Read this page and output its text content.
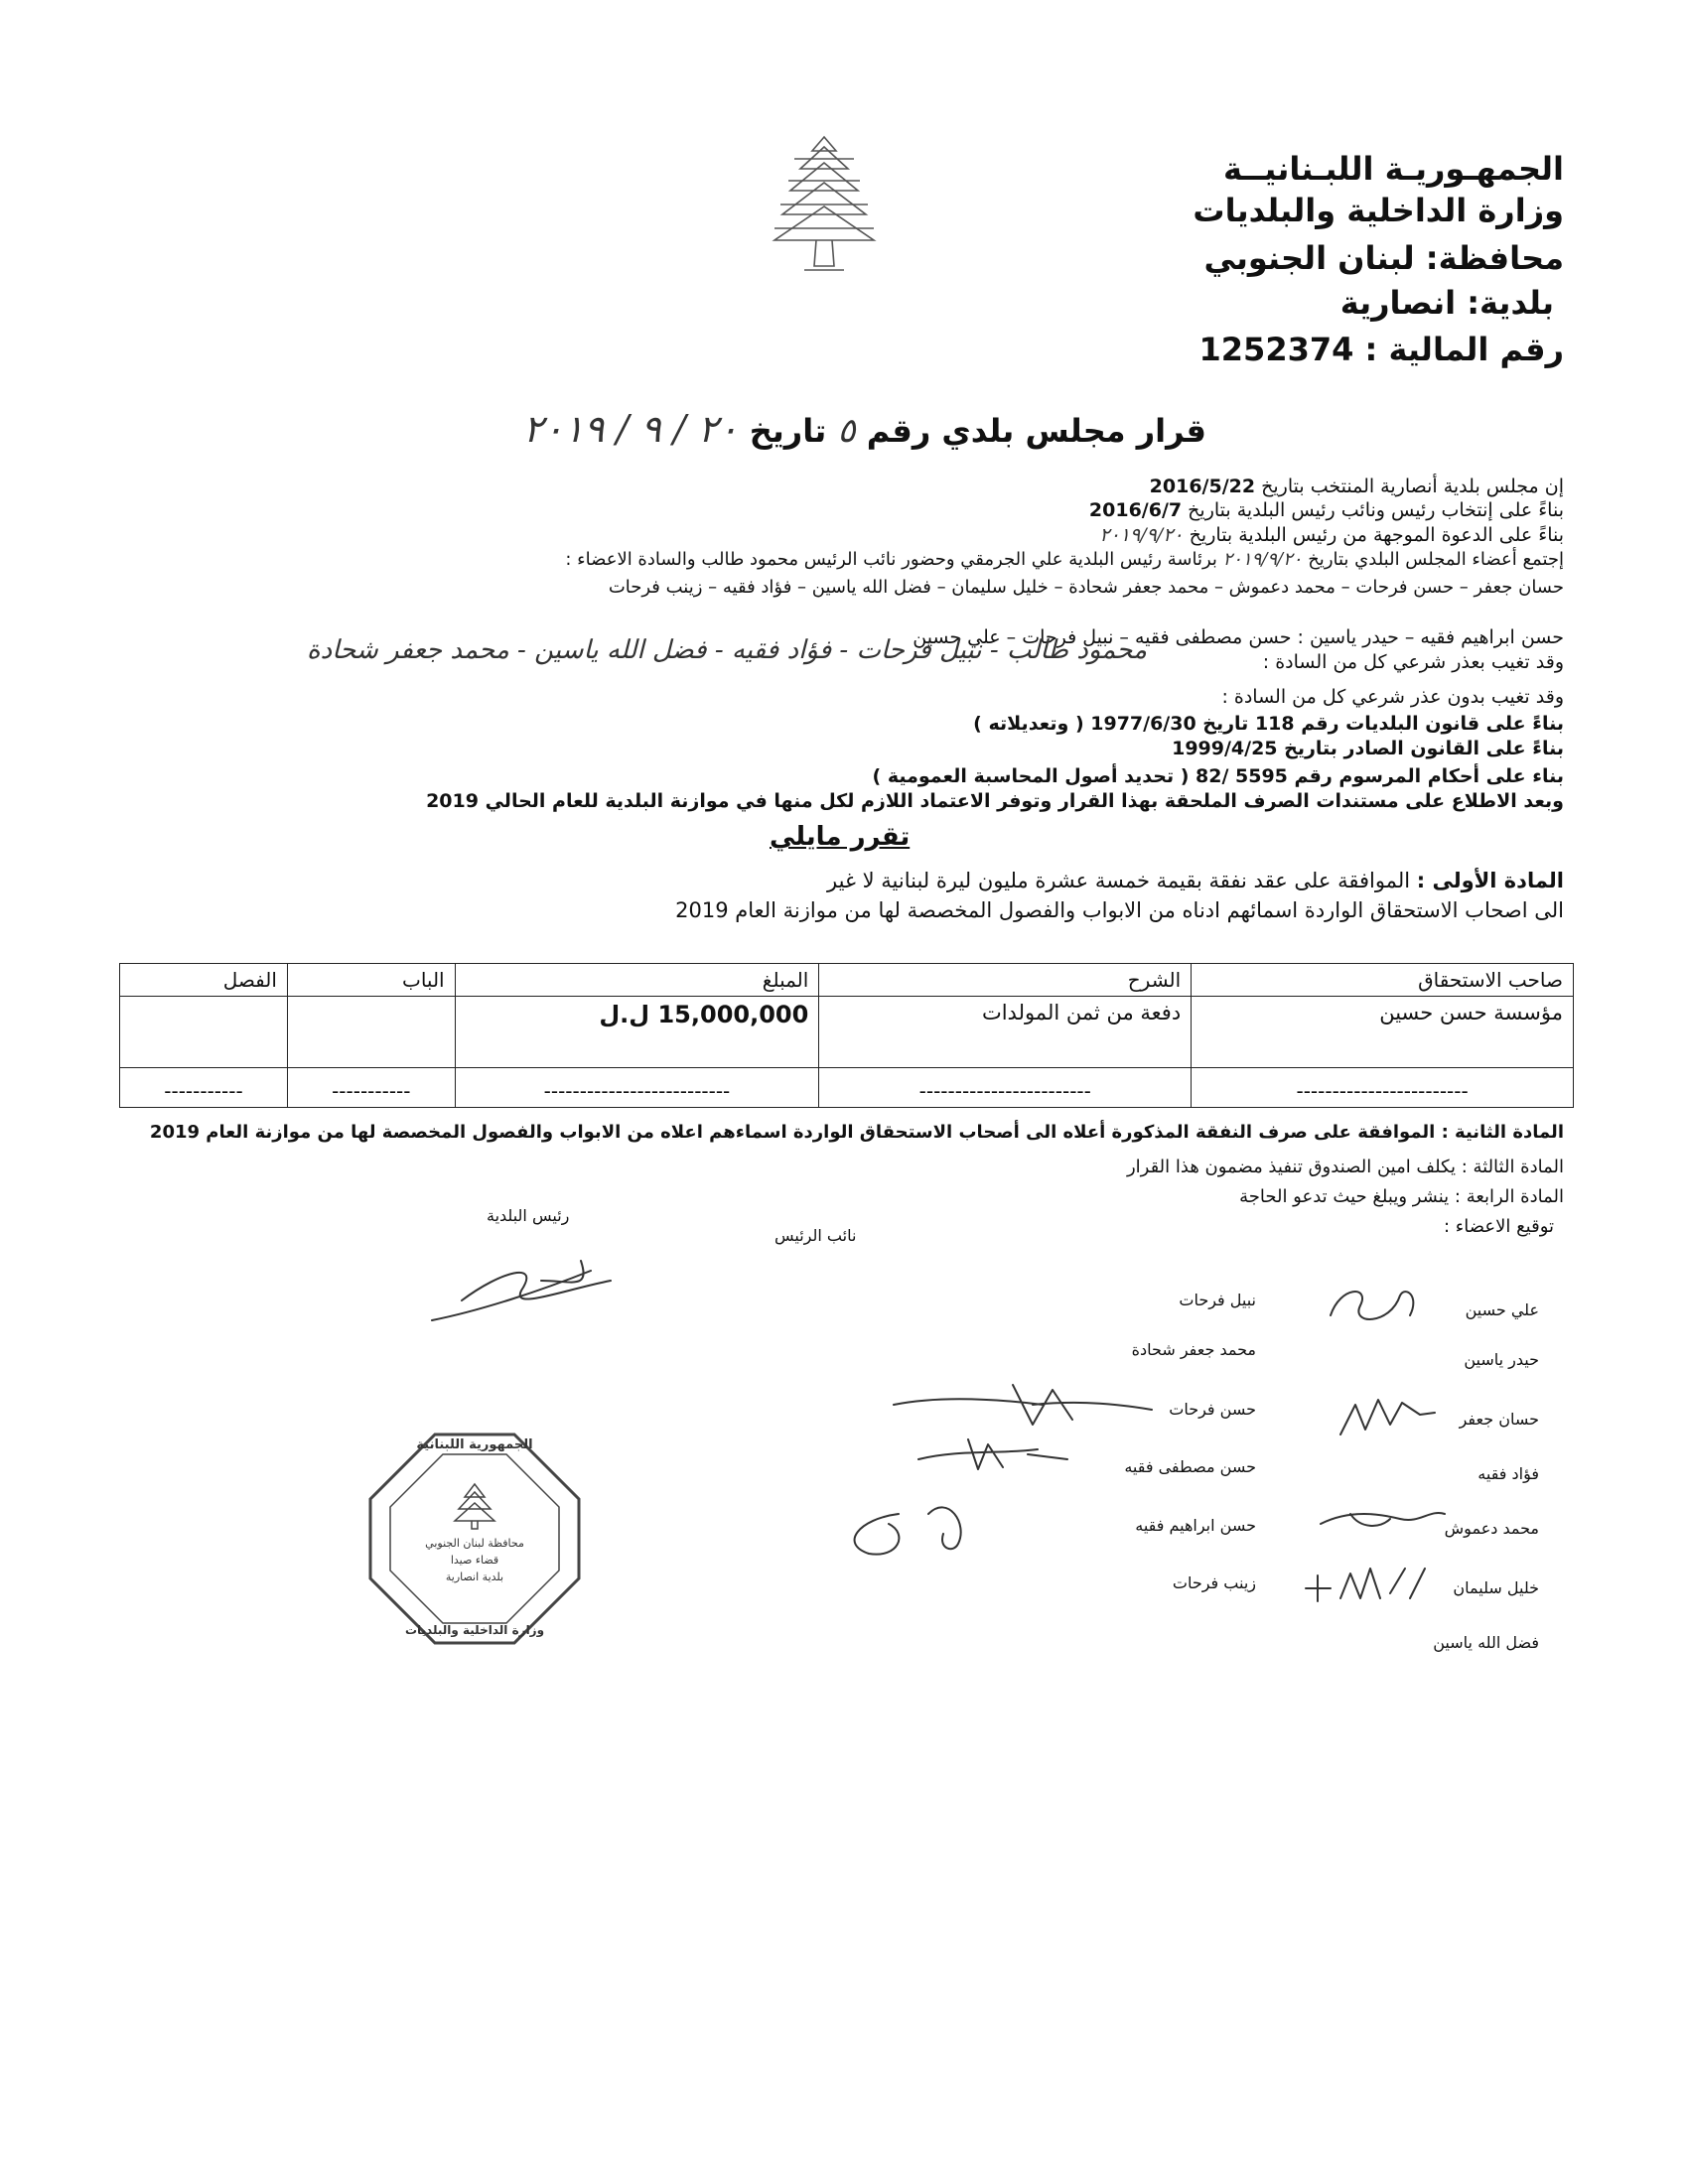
الجمهـوريـة اللبـنانيــة
وزارة الداخلية والبلديات
محافظة: لبنان الجنوبي
بلدية: انصارية
رقم المالية : 1252374
قرار مجلس بلدي رقم ٥ تاريخ ٢٠ / ٩ / ٢٠١٩
إن مجلس بلدية أنصارية المنتخب بتاريخ 2016/5/22
بناءً على إنتخاب رئيس ونائب رئيس البلدية بتاريخ 2016/6/7
بناءً على الدعوة الموجهة من رئيس البلدية بتاريخ ٢٠١٩/٩/٢٠
إجتمع أعضاء المجلس البلدي بتاريخ ٢٠١٩/٩/٢٠ برئاسة رئيس البلدية علي الجرمقي وحضور نائب الرئيس محمود طالب والسادة الاعضاء :
حسان جعفر – حسن فرحات – محمد دعموش – محمد جعفر شحادة – خليل سليمان – فضل الله ياسين – فؤاد فقيه – زينب فرحات
حسن ابراهيم فقيه – حيدر ياسين : حسن مصطفى فقيه – نبيل فرحات – علي حسين
وقد تغيب بعذر شرعي كل من السادة :
محمود طالب - نبيل فرحات - فؤاد فقيه - فضل الله ياسين - محمد جعفر شحادة
وقد تغيب بدون عذر شرعي كل من السادة :
بناءً على قانون البلديات رقم 118 تاريخ 1977/6/30 ( وتعديلاته )
بناءً على القانون الصادر بتاريخ 1999/4/25
بناء على أحكام المرسوم رقم 5595 /82 ( تحديد أصول المحاسبة العمومية )
وبعد الاطلاع على مستندات الصرف الملحقة بهذا القرار وتوفر الاعتماد اللازم لكل منها في موازنة البلدية للعام الحالي 2019
تقرر مايلي
المادة الأولى : الموافقة على عقد نفقة بقيمة خمسة عشرة مليون ليرة لبنانية لا غير
الى اصحاب الاستحقاق الواردة اسمائهم ادناه من الابواب والفصول المخصصة لها من موازنة العام 2019
صاحب الاستحقاق	الشرح	المبلغ	الباب	الفصل
مؤسسة حسن حسين	دفعة من ثمن المولدات	15,000,000 ل.ل		
------------------------	------------------------	--------------------------	-----------	-----------
المادة الثانية : الموافقة على صرف النفقة المذكورة أعلاه الى أصحاب الاستحقاق الواردة اسماءهم اعلاه من الابواب والفصول المخصصة لها من موازنة العام 2019
المادة الثالثة : يكلف امين الصندوق تنفيذ مضمون هذا القرار
المادة الرابعة : ينشر ويبلغ حيث تدعو الحاجة
توقيع الاعضاء :
رئيس البلدية
نائب الرئيس
علي حسين
حيدر ياسين
حسان جعفر
فؤاد فقيه
محمد دعموش
خليل سليمان
فضل الله ياسين
نبيل فرحات
محمد جعفر شحادة
حسن فرحات
حسن مصطفى فقيه
حسن ابراهيم فقيه
زينب فرحات
الجمهورية اللبنانية
وزارة الداخلية والبلديات
محافظة لبنان الجنوبي
قضاء صيدا
بلدية انصارية
